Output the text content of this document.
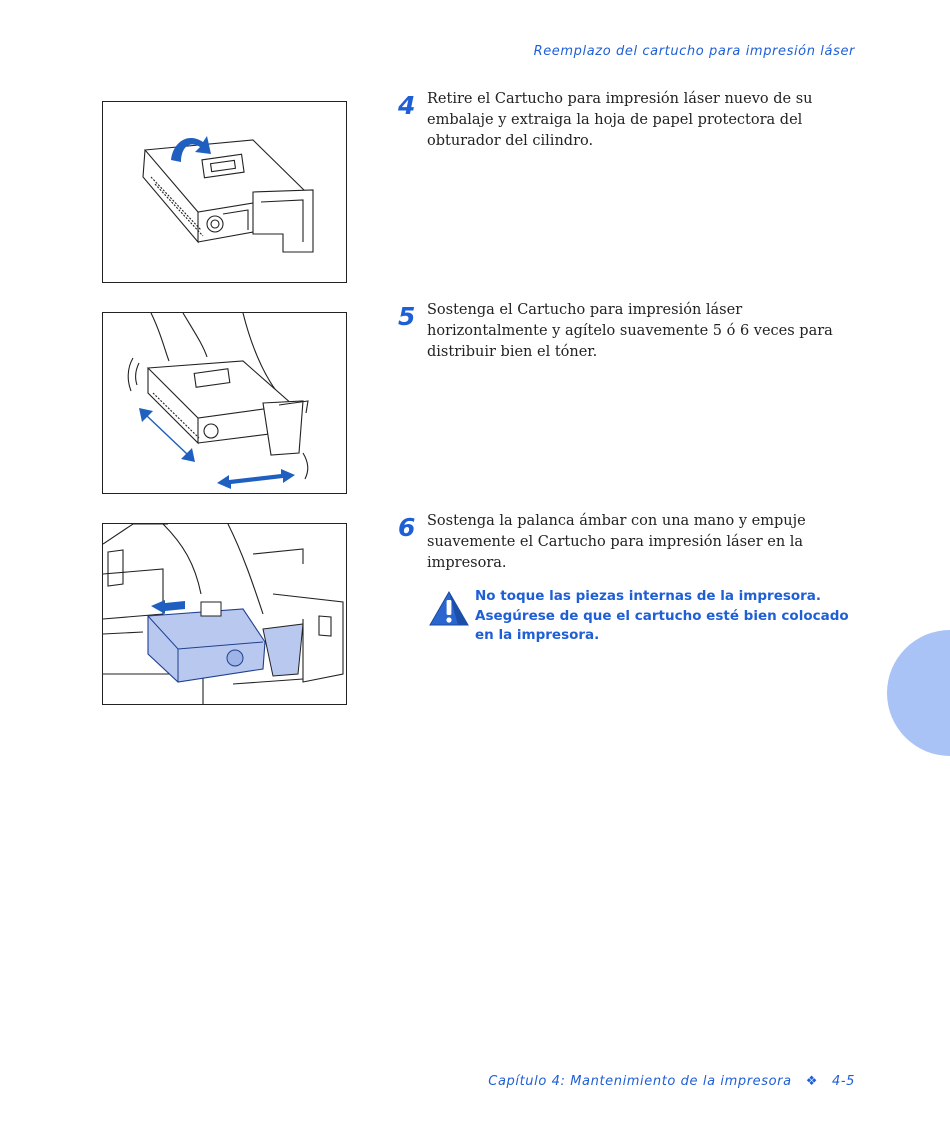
Reemplazo del cartucho para impresión láser
4 Retire el Cartucho para impresión láser nuevo de su embalaje y extraiga la hoja de papel protectora del obturador del cilindro.
5 Sostenga el Cartucho para impresión láser horizontalmente y agítelo suavemente 5 ó 6 veces para distribuir bien el tóner.
6 Sostenga la palanca ámbar con una mano y empuje suavemente el Cartucho para impresión láser en la impresora.
No toque las piezas internas de la impresora. Asegúrese de que el cartucho esté bien colocado en la impresora.
Capítulo 4: Mantenimiento de la impresora ❖ 4-5
